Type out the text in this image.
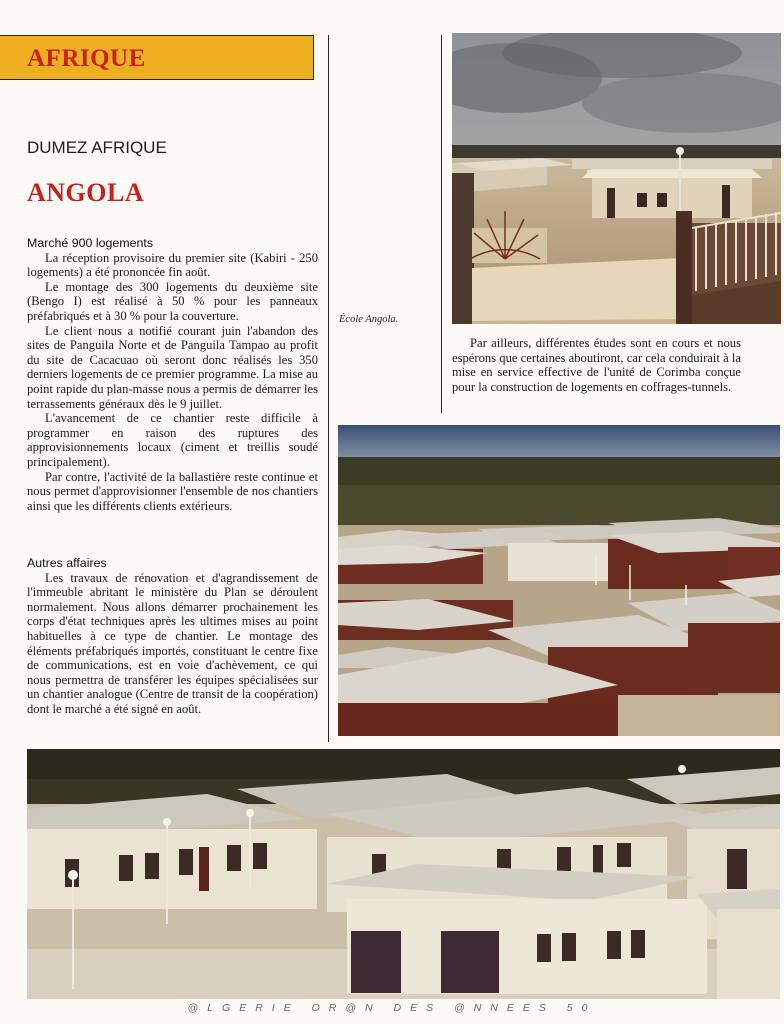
AFRIQUE
DUMEZ AFRIQUE
ANGOLA
Marché 900 logements

La réception provisoire du premier site (Kabiri - 250 logements) a été prononcée fin août.

Le montage des 300 logements du deuxième site (Bengo I) est réalisé à 50 % pour les panneaux préfabriqués et à 30 % pour la couverture.

Le client nous a notifié courant juin l'abandon des sites de Panguila Norte et de Panguila Tampao au profit du site de Cacacuao où seront donc réalisés les 350 derniers logements de ce premier programme. La mise au point rapide du plan-masse nous a permis de démarrer les terrassements généraux dès le 9 juillet.

L'avancement de ce chantier reste difficile à programmer en raison des ruptures des approvisionnements locaux (ciment et treillis soudé principalement).

Par contre, l'activité de la ballastière reste continue et nous permet d'approvisionner l'ensemble de nos chantiers ainsi que les différents clients extérieurs.

Autres affaires

Les travaux de rénovation et d'agrandissement de l'immeuble abritant le ministère du Plan se déroulent normalement. Nous allons démarrer prochainement les corps d'état techniques après les ultimes mises au point habituelles à ce type de chantier. Le montage des éléments préfabriqués importés, constituant le centre fixe de communications, est en voie d'achèvement, ce qui nous permettra de transférer les équipes spécialisées sur un chantier analogue (Centre de transit de la coopération) dont le marché a été signé en août.

École Angola.

Par ailleurs, différentes études sont en cours et nous espérons que certaines aboutiront, car cela conduirait à la mise en service effective de l'unité de Corimba conçue pour la construction de logements en coffrages-tunnels.

@LGERIE OR@N DES @NNEES 50
